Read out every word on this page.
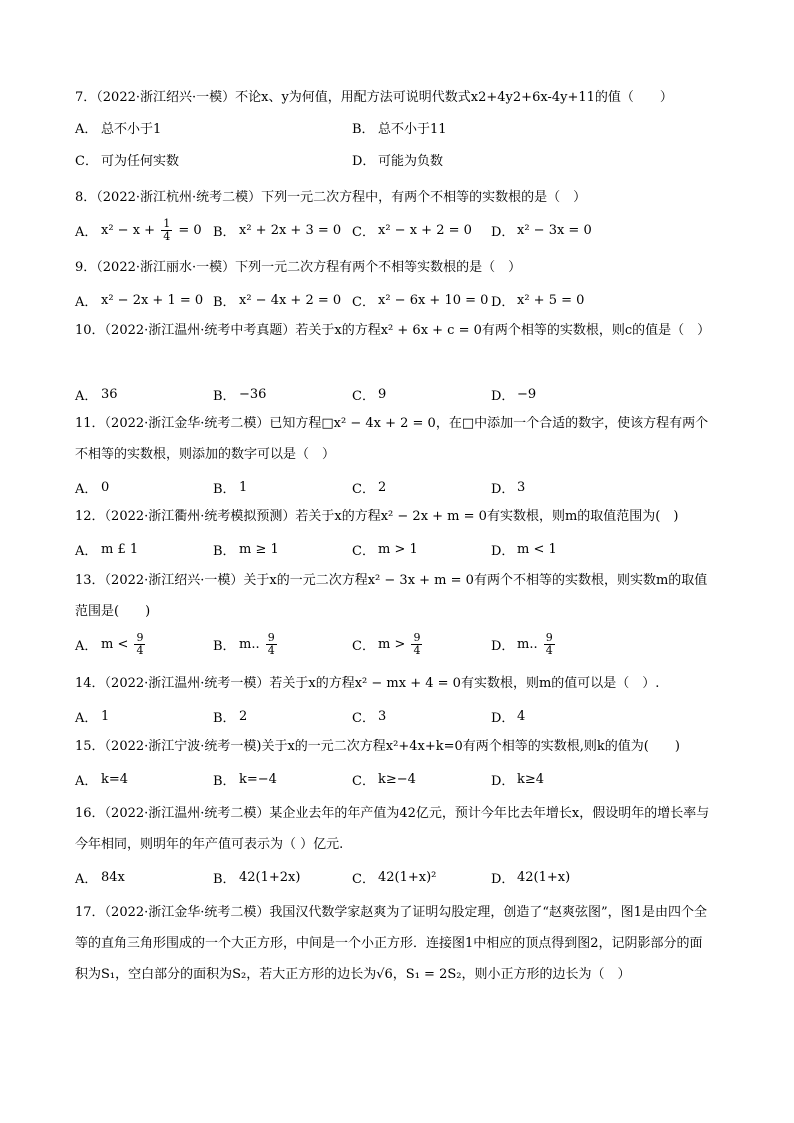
7．（2022·浙江绍兴·一模）不论x、y为何值，用配方法可说明代数式x2+4y2+6x-4y+11的值（　　）
A． 总不小于1	B． 总不小于11
C． 可为任何实数	D． 可能为负数
8．（2022·浙江杭州·统考二模）下列一元二次方程中，有两个不相等的实数根的是（　）
A． $x^2 - x + \frac{1}{4} = 0$ B． x² + 2x + 3 = 0 C． x² − x + 2 = 0 D． x² − 3x = 0
9．（2022·浙江丽水·一模）下列一元二次方程有两个不相等实数根的是（　）
A． x² − 2x + 1 = 0 B． x² − 4x + 2 = 0 C． x² − 6x + 10 = 0 D． x² + 5 = 0
10．（2022·浙江温州·统考中考真题）若关于x的方程x² + 6x + c = 0有两个相等的实数根，则c的值是（　）
A． 36	B． −36	C． 9	D． −9
11．（2022·浙江金华·统考二模）已知方程□x² − 4x + 2 = 0，在□中添加一个合适的数字，使该方程有两个不相等的实数根，则添加的数字可以是（　）
A． 0	B． 1	C． 2	D． 3
12．（2022·浙江衢州·统考模拟预测）若关于x的方程x² − 2x + m = 0有实数根，则m的取值范围为(　)
A． m £ 1	B． m ≥ 1	C． m > 1	D． m < 1
13．（2022·浙江绍兴·一模）关于x的一元二次方程x² − 3x + m = 0有两个不相等的实数根，则实数m的取值范围是(　　)
A． $m < \frac{9}{4}$	B． m.. $\frac{9}{4}$	C． $m > \frac{9}{4}$	D． m.. $\frac{9}{4}$
14．（2022·浙江温州·统考一模）若关于x的方程x² − mx + 4 = 0有实数根，则m的值可以是（　）.
A． 1	B． 2	C． 3	D． 4
15．（2022·浙江宁波·统考一模)关于x的一元二次方程x²+4x+k=0有两个相等的实数根,则k的值为(　　)
A． k=4	B． k=−4	C． k≥−4	D． k≥4
16．（2022·浙江温州·统考二模）某企业去年的年产值为42亿元，预计今年比去年增长x，假设明年的增长率与今年相同，则明年的年产值可表示为（ ）亿元.
A． 84x	B． 42(1+2x)	C． 42(1+x)²	D． 42(1+x)
17．（2022·浙江金华·统考二模）我国汉代数学家赵爽为了证明勾股定理，创造了“赵爽弦图”，图1是由四个全等的直角三角形围成的一个大正方形，中间是一个小正方形．连接图1中相应的顶点得到图2，记阴影部分的面积为S₁，空白部分的面积为S₂，若大正方形的边长为√6，S₁ = 2S₂，则小正方形的边长为（　）
